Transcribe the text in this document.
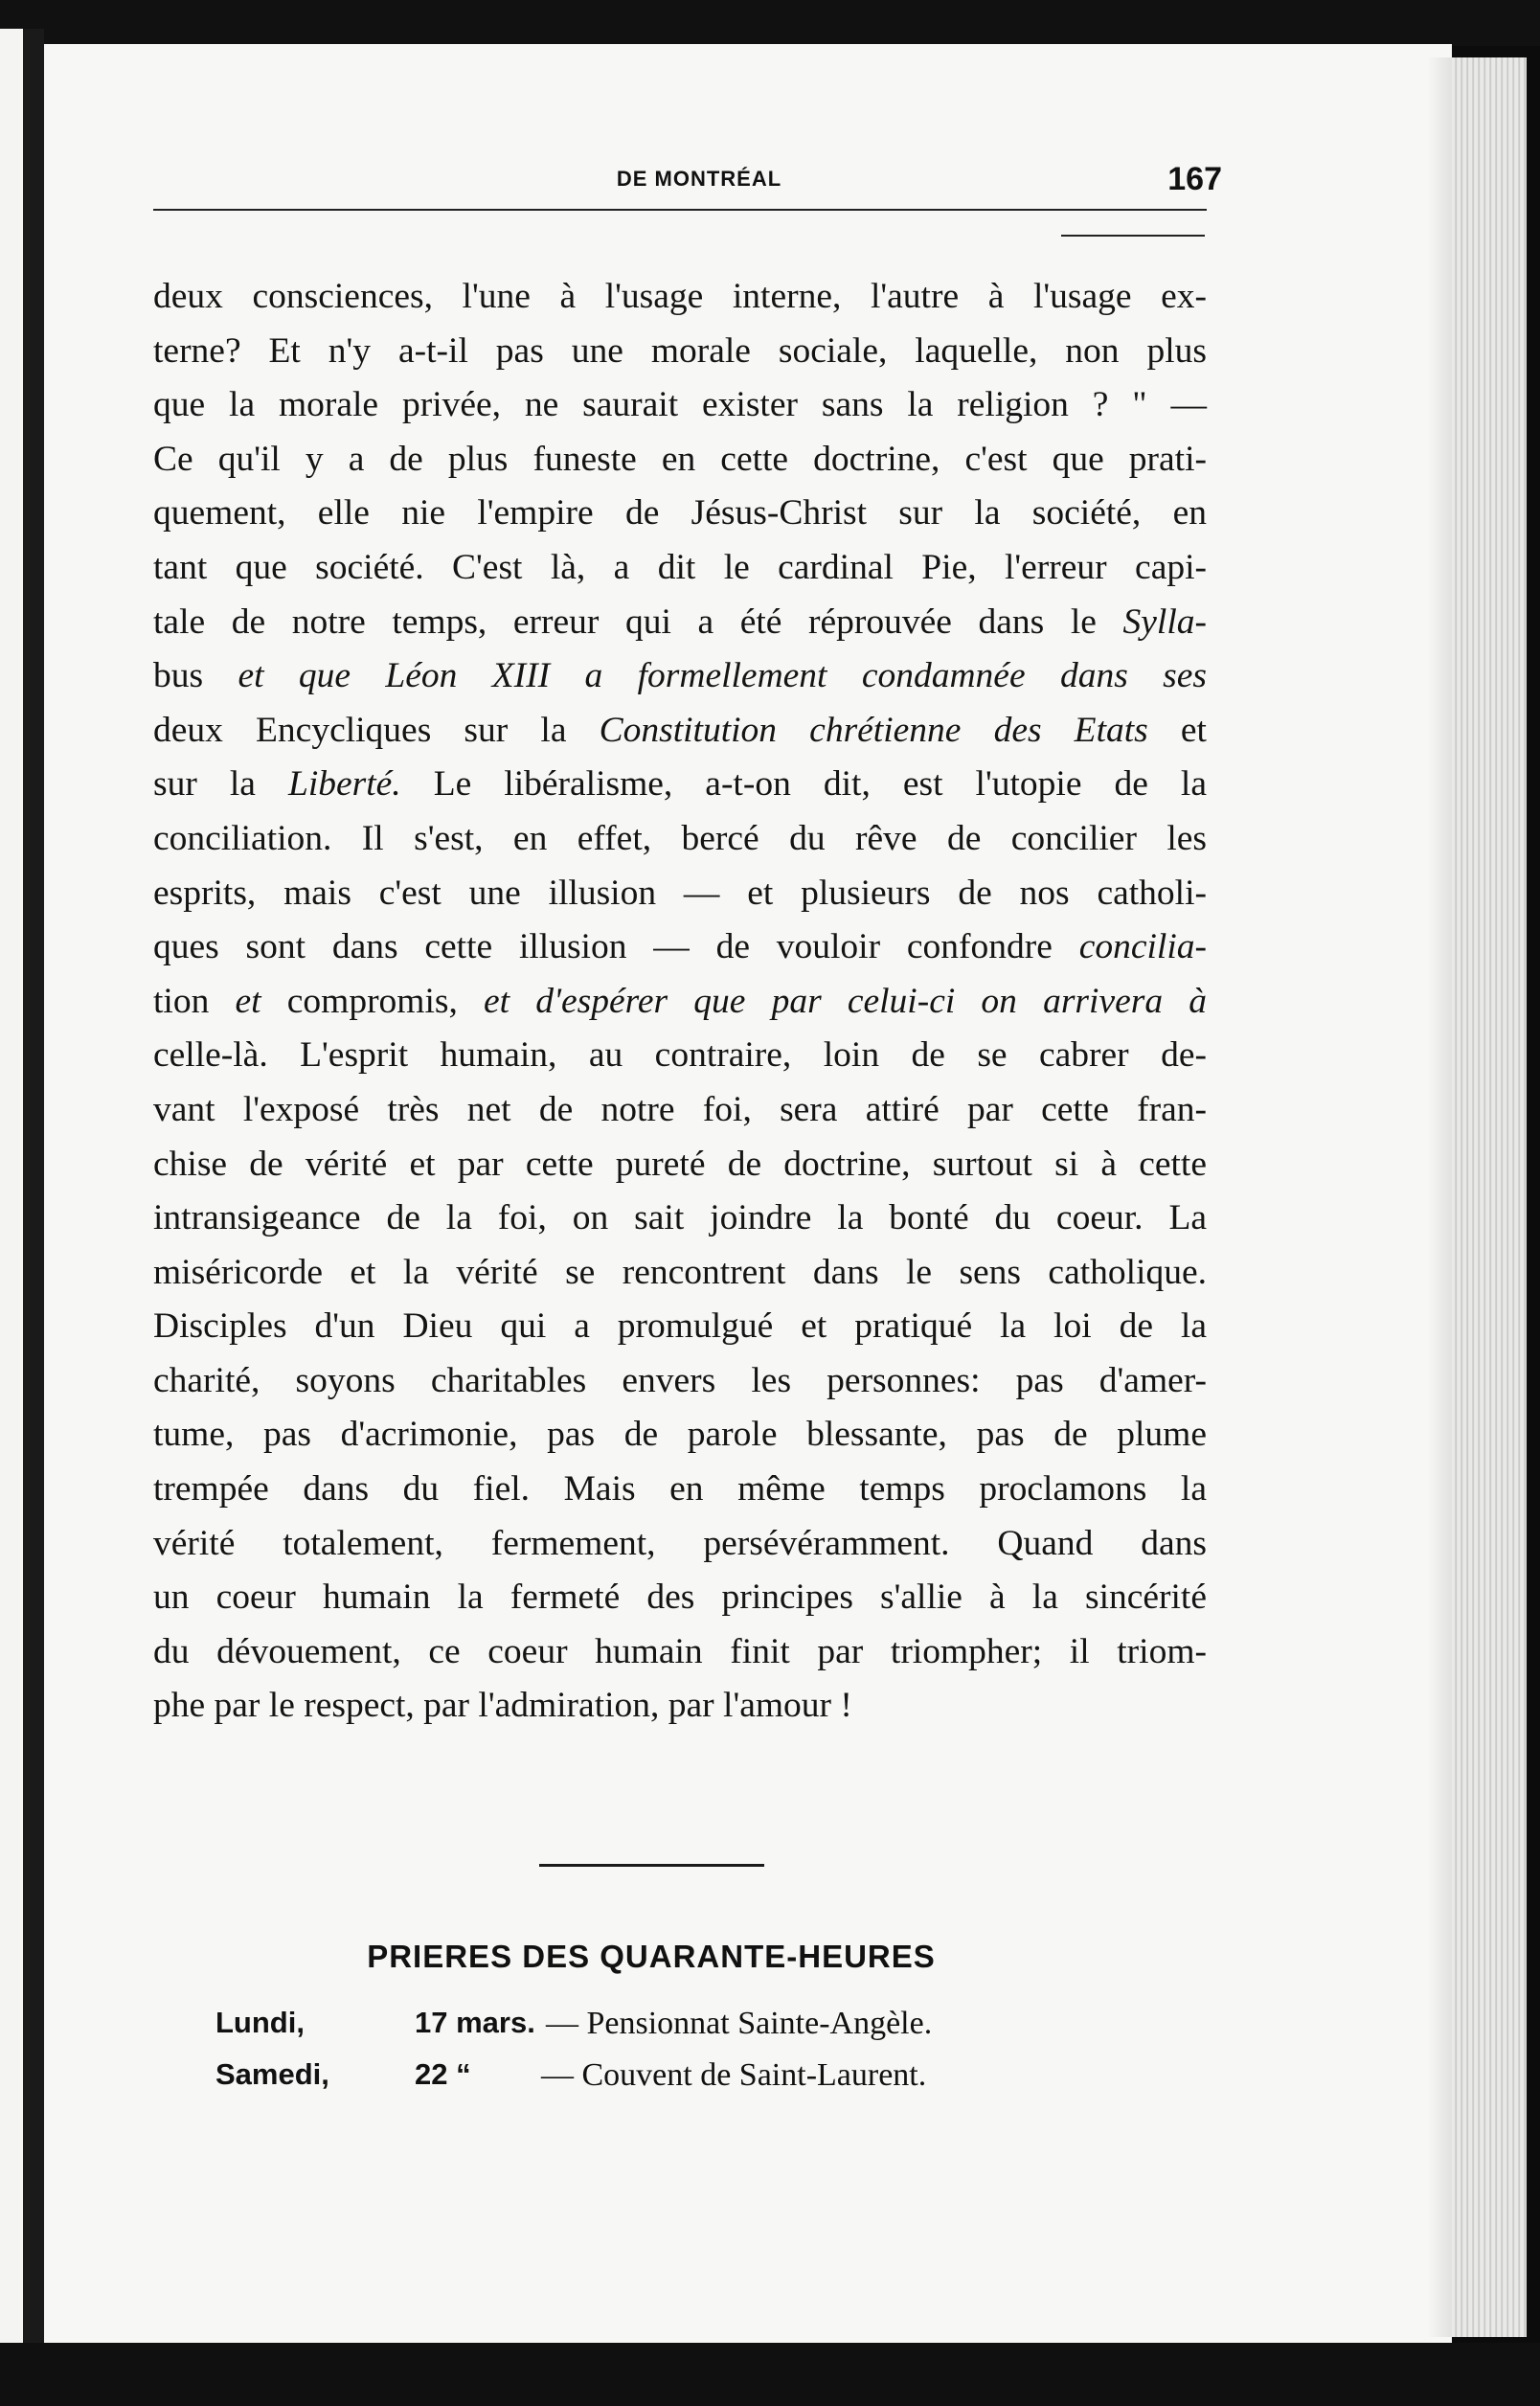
DE MONTRÉAL	167
deux consciences, l'une à l'usage interne, l'autre à l'usage ex-
terne? Et n'y a-t-il pas une morale sociale, laquelle, non plus
que la morale privée, ne saurait exister sans la religion ? " —
Ce qu'il y a de plus funeste en cette doctrine, c'est que prati-
quement, elle nie l'empire de Jésus-Christ sur la société, en
tant que société. C'est là, a dit le cardinal Pie, l'erreur capi-
tale de notre temps, erreur qui a été réprouvée dans le Sylla-
bus et que Léon XIII a formellement condamnée dans ses
deux Encycliques sur la Constitution chrétienne des Etats et
sur la Liberté. Le libéralisme, a-t-on dit, est l'utopie de la
conciliation. Il s'est, en effet, bercé du rêve de concilier les
esprits, mais c'est une illusion — et plusieurs de nos catholi-
ques sont dans cette illusion — de vouloir confondre concilia-
tion et compromis, et d'espérer que par celui-ci on arrivera à
celle-là. L'esprit humain, au contraire, loin de se cabrer de-
vant l'exposé très net de notre foi, sera attiré par cette fran-
chise de vérité et par cette pureté de doctrine, surtout si à cette
intransigeance de la foi, on sait joindre la bonté du coeur. La
miséricorde et la vérité se rencontrent dans le sens catholique.
Disciples d'un Dieu qui a promulgué et pratiqué la loi de la
charité, soyons charitables envers les personnes: pas d'amer-
tume, pas d'acrimonie, pas de parole blessante, pas de plume
trempée dans du fiel. Mais en même temps proclamons la
vérité totalement, fermement, persévéramment. Quand dans
un coeur humain la fermeté des principes s'allie à la sincérité
du dévouement, ce coeur humain finit par triompher; il triom-
phe par le respect, par l'admiration, par l'amour !
PRIERES DES QUARANTE-HEURES
Lundi,	17 mars. — Pensionnat Sainte-Angèle.
Samedi,	22 “ — Couvent de Saint-Laurent.
